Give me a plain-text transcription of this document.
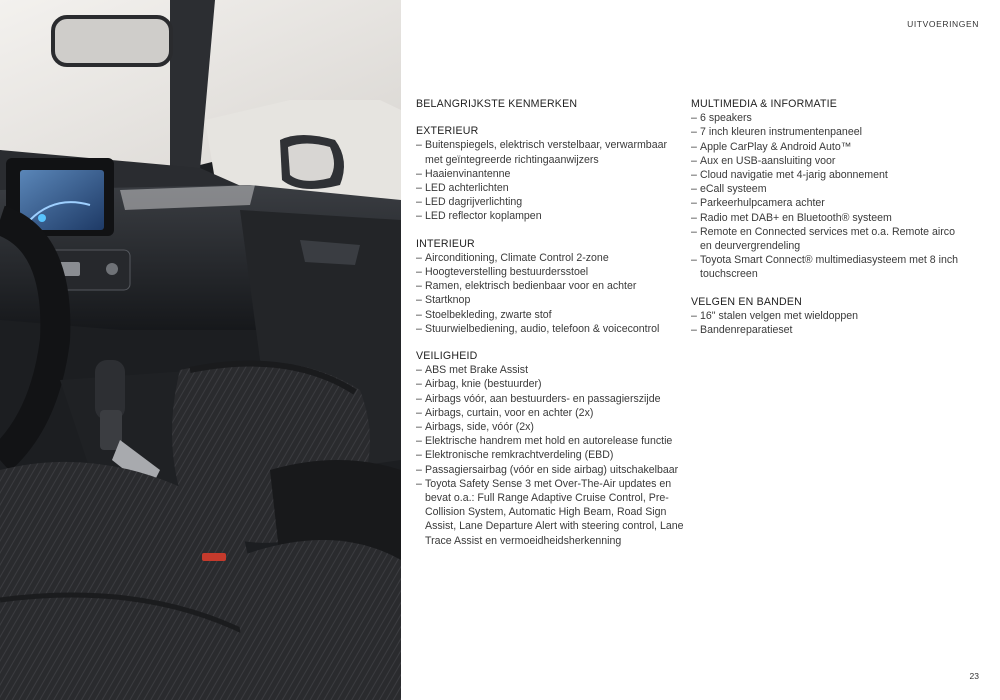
UITVOERINGEN

BELANGRIJKSTE KENMERKEN

EXTERIEUR

– Buitenspiegels, elektrisch verstelbaar, verwarmbaar met geïntegreerde richtingaanwijzers
– Haaienvinantenne
– LED achterlichten
– LED dagrijverlichting
– LED reflector koplampen

INTERIEUR

– Airconditioning, Climate Control 2-zone
– Hoogteverstelling bestuurdersstoel
– Ramen, elektrisch bedienbaar voor en achter
– Startknop
– Stoelbekleding, zwarte stof
– Stuurwielbediening, audio, telefoon & voicecontrol

VEILIGHEID

– ABS met Brake Assist
– Airbag, knie (bestuurder)
– Airbags vóór, aan bestuurders- en passagierszijde
– Airbags, curtain, voor en achter (2x)
– Airbags, side, vóór (2x)
– Elektrische handrem met hold en autorelease functie
– Elektronische remkrachtverdeling (EBD)
– Passagiersairbag (vóór en side airbag) uitschakelbaar
– Toyota Safety Sense 3 met Over-The-Air updates en bevat o.a.: Full Range Adaptive Cruise Control, Pre-Collision System, Automatic High Beam, Road Sign Assist, Lane Departure Alert with steering control, Lane Trace Assist en vermoeidheidsherkenning

MULTIMEDIA & INFORMATIE

– 6 speakers
– 7 inch kleuren instrumentenpaneel
– Apple CarPlay & Android Auto™
– Aux en USB-aansluiting voor
– Cloud navigatie met 4-jarig abonnement
– eCall systeem
– Parkeerhulpcamera achter
– Radio met DAB+ en Bluetooth® systeem
– Remote en Connected services met o.a. Remote airco en deurvergrendeling
– Toyota Smart Connect® multimediasysteem met 8 inch touchscreen

VELGEN EN BANDEN

– 16" stalen velgen met wieldoppen
– Bandenreparatieset
23
